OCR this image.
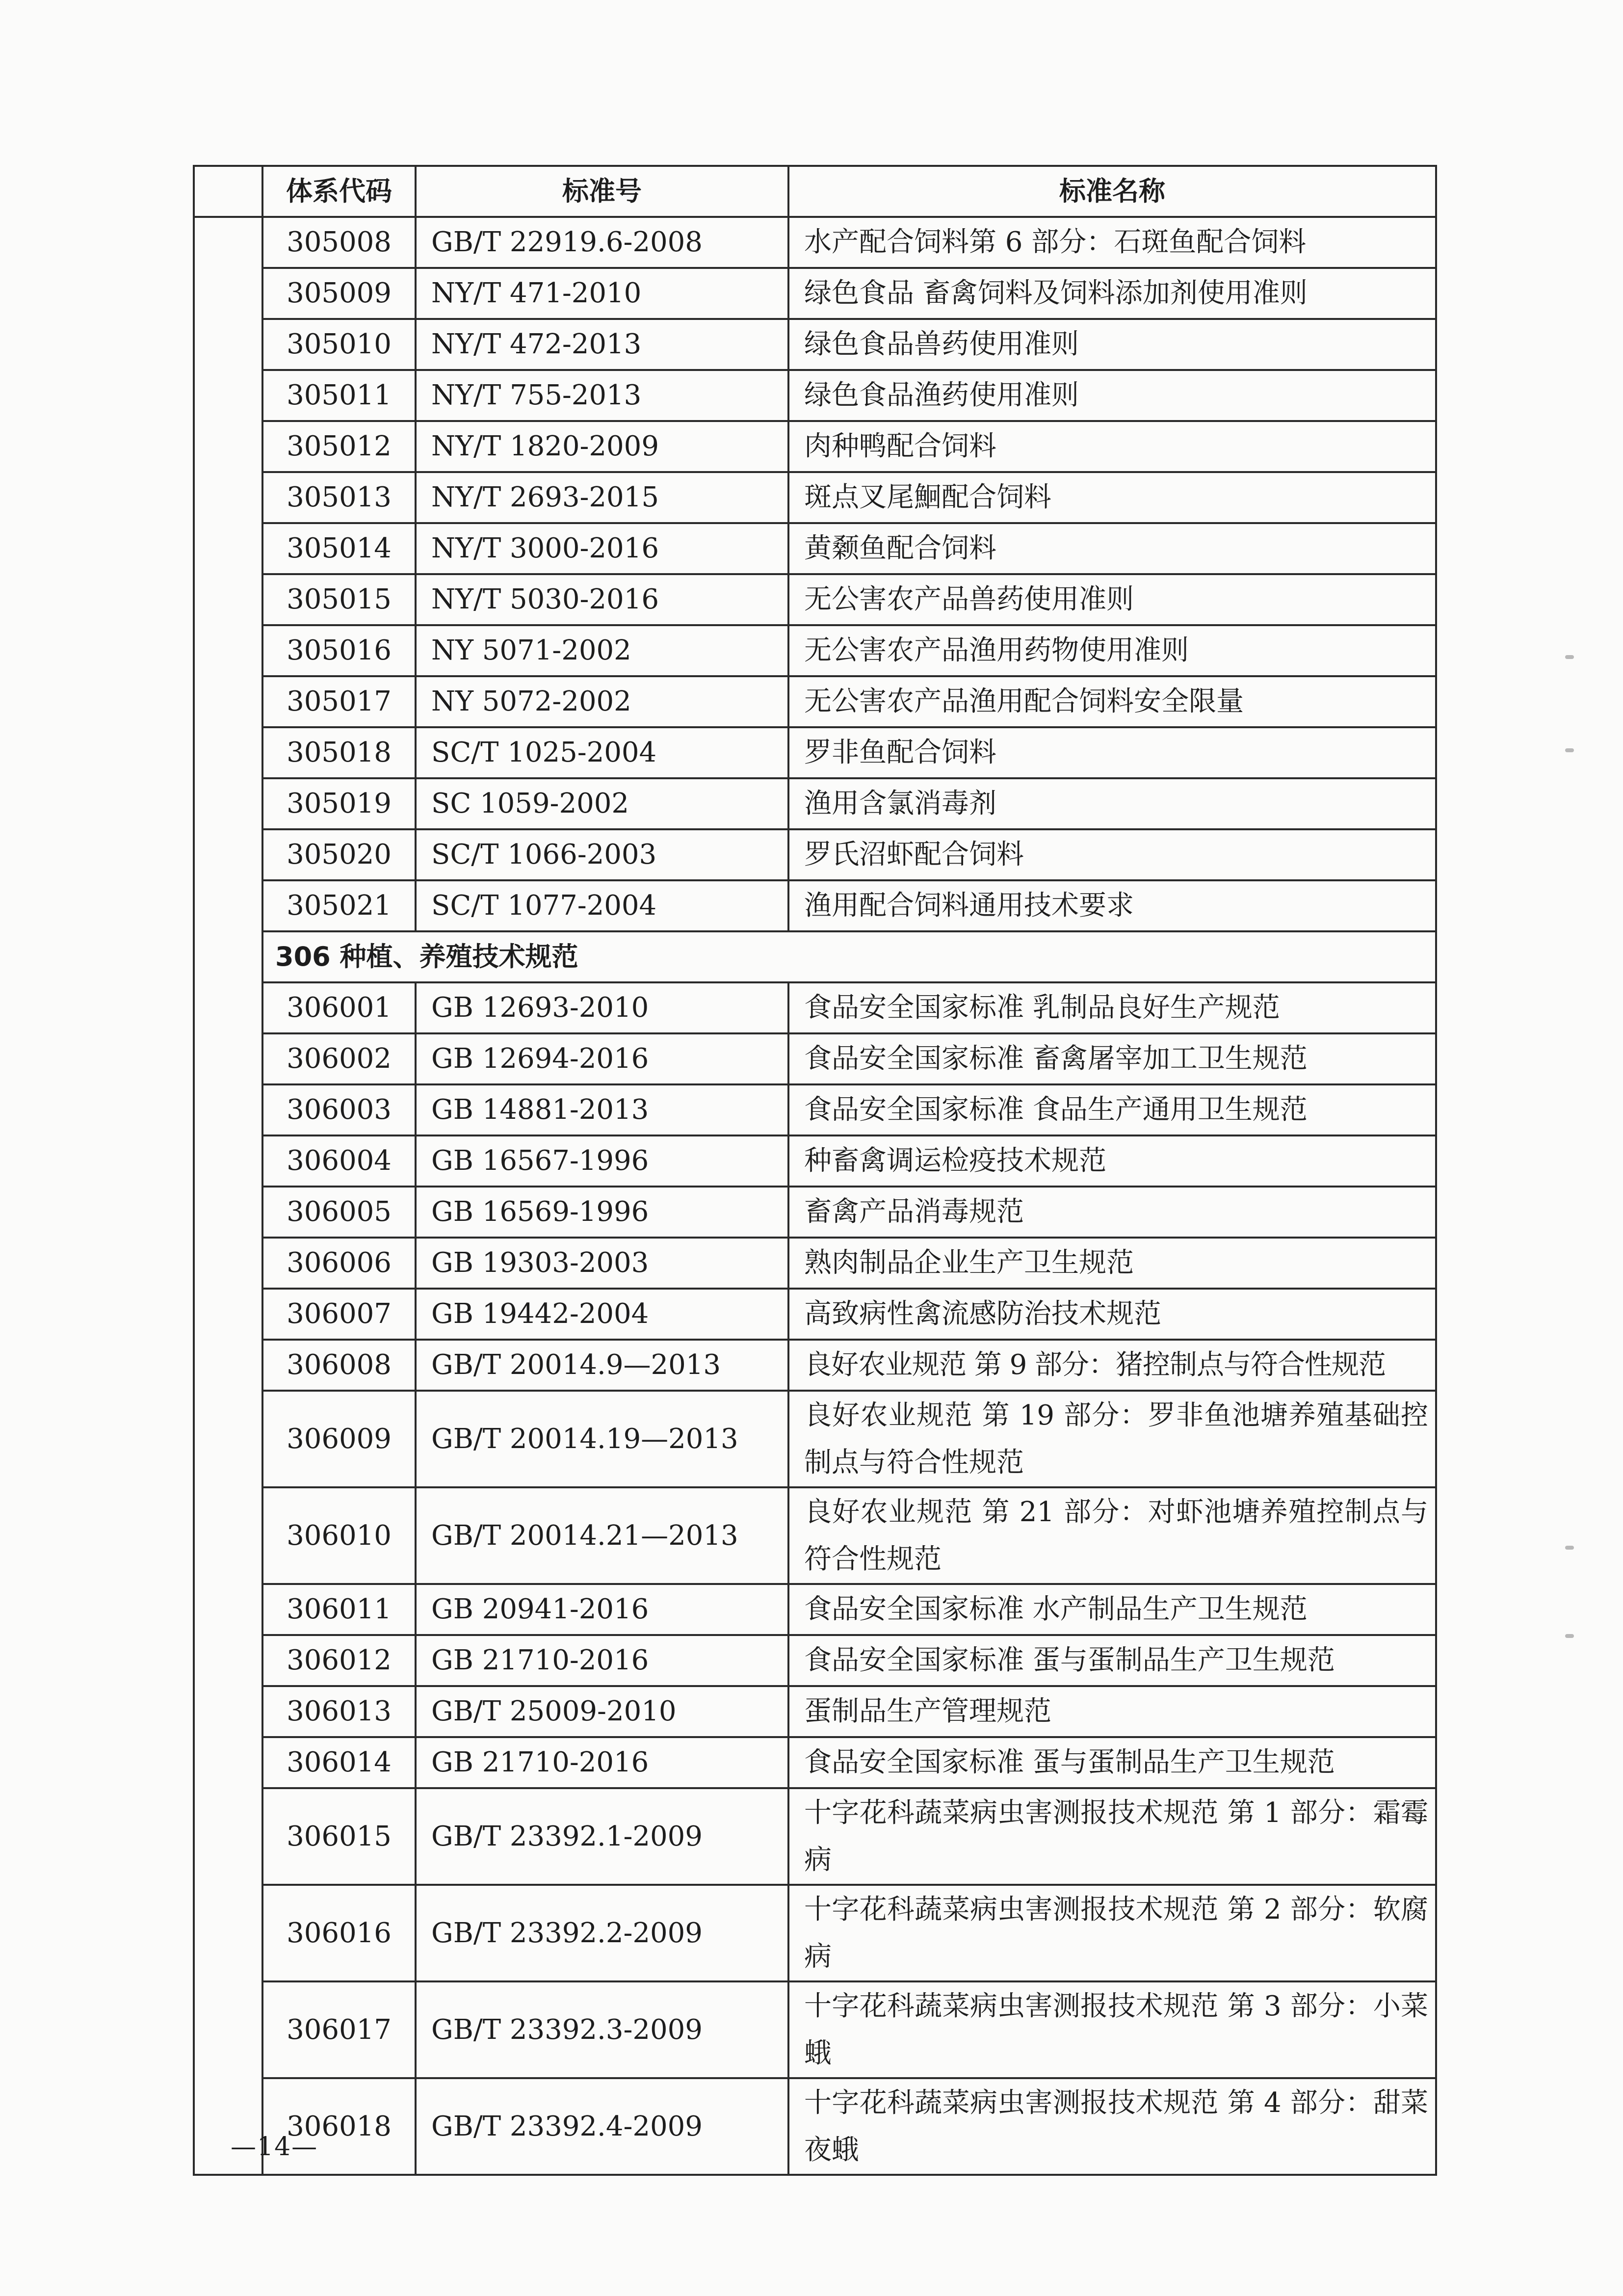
	体系代码	标准号	标准名称
	305008	GB/T 22919.6-2008	水产配合饲料第 6 部分：石斑鱼配合饲料
	305009	NY/T 471-2010	绿色食品 畜禽饲料及饲料添加剂使用准则
	305010	NY/T 472-2013	绿色食品兽药使用准则
	305011	NY/T 755-2013	绿色食品渔药使用准则
	305012	NY/T 1820-2009	肉种鸭配合饲料
	305013	NY/T 2693-2015	斑点叉尾鮰配合饲料
	305014	NY/T 3000-2016	黄颡鱼配合饲料
	305015	NY/T 5030-2016	无公害农产品兽药使用准则
	305016	NY 5071-2002	无公害农产品渔用药物使用准则
	305017	NY 5072-2002	无公害农产品渔用配合饲料安全限量
	305018	SC/T 1025-2004	罗非鱼配合饲料
	305019	SC 1059-2002	渔用含氯消毒剂
	305020	SC/T 1066-2003	罗氏沼虾配合饲料
	305021	SC/T 1077-2004	渔用配合饲料通用技术要求
	306 种植、养殖技术规范		
	306001	GB 12693-2010	食品安全国家标准 乳制品良好生产规范
	306002	GB 12694-2016	食品安全国家标准 畜禽屠宰加工卫生规范
	306003	GB 14881-2013	食品安全国家标准 食品生产通用卫生规范
	306004	GB 16567-1996	种畜禽调运检疫技术规范
	306005	GB 16569-1996	畜禽产品消毒规范
	306006	GB 19303-2003	熟肉制品企业生产卫生规范
	306007	GB 19442-2004	高致病性禽流感防治技术规范
	306008	GB/T 20014.9—2013	良好农业规范 第 9 部分：猪控制点与符合性规范
	306009	GB/T 20014.19—2013	良好农业规范 第 19 部分：罗非鱼池塘养殖基础控制点与符合性规范
	306010	GB/T 20014.21—2013	良好农业规范 第 21 部分：对虾池塘养殖控制点与符合性规范
	306011	GB 20941-2016	食品安全国家标准 水产制品生产卫生规范
	306012	GB 21710-2016	食品安全国家标准 蛋与蛋制品生产卫生规范
	306013	GB/T 25009-2010	蛋制品生产管理规范
	306014	GB 21710-2016	食品安全国家标准 蛋与蛋制品生产卫生规范
	306015	GB/T 23392.1-2009	十字花科蔬菜病虫害测报技术规范 第 1 部分：霜霉病
	306016	GB/T 23392.2-2009	十字花科蔬菜病虫害测报技术规范 第 2 部分：软腐病
	306017	GB/T 23392.3-2009	十字花科蔬菜病虫害测报技术规范 第 3 部分：小菜蛾
	306018	GB/T 23392.4-2009	十字花科蔬菜病虫害测报技术规范 第 4 部分：甜菜夜蛾
—14—
